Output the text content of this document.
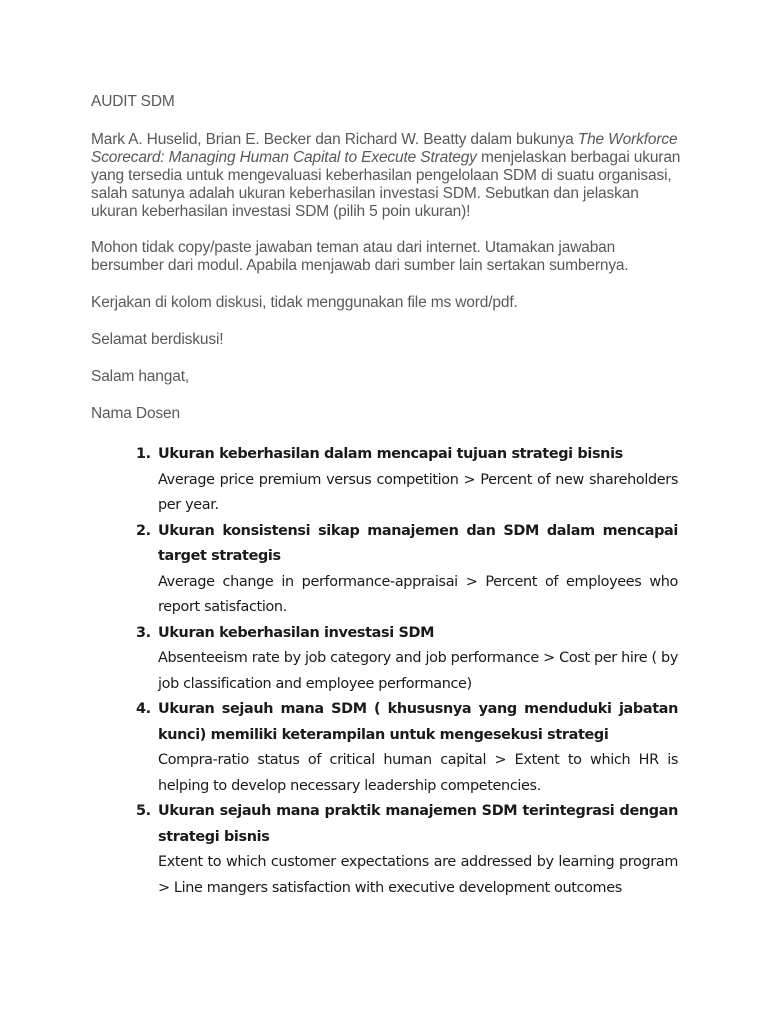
AUDIT SDM

Mark A. Huselid, Brian E. Becker dan Richard W. Beatty dalam bukunya The Workforce Scorecard: Managing Human Capital to Execute Strategy menjelaskan berbagai ukuran yang tersedia untuk mengevaluasi keberhasilan pengelolaan SDM di suatu organisasi, salah satunya adalah ukuran keberhasilan investasi SDM. Sebutkan dan jelaskan ukuran keberhasilan investasi SDM (pilih 5 poin ukuran)!

Mohon tidak copy/paste jawaban teman atau dari internet. Utamakan jawaban bersumber dari modul. Apabila menjawab dari sumber lain sertakan sumbernya.

Kerjakan di kolom diskusi, tidak menggunakan file ms word/pdf.

Selamat berdiskusi!

Salam hangat,

Nama Dosen

1. Ukuran keberhasilan dalam mencapai tujuan strategi bisnis
Average price premium versus competition > Percent of new shareholders per year.
2. Ukuran konsistensi sikap manajemen dan SDM dalam mencapai target strategis
Average change in performance-appraisai > Percent of employees who report satisfaction.
3. Ukuran keberhasilan investasi SDM
Absenteeism rate by job category and job performance > Cost per hire ( by job classification and employee performance)
4. Ukuran sejauh mana SDM ( khususnya yang menduduki jabatan kunci) memiliki keterampilan untuk mengesekusi strategi
Compra-ratio status of critical human capital > Extent to which HR is helping to develop necessary leadership competencies.
5. Ukuran sejauh mana praktik manajemen SDM terintegrasi dengan strategi bisnis
Extent to which customer expectations are addressed by learning program > Line mangers satisfaction with executive development outcomes
